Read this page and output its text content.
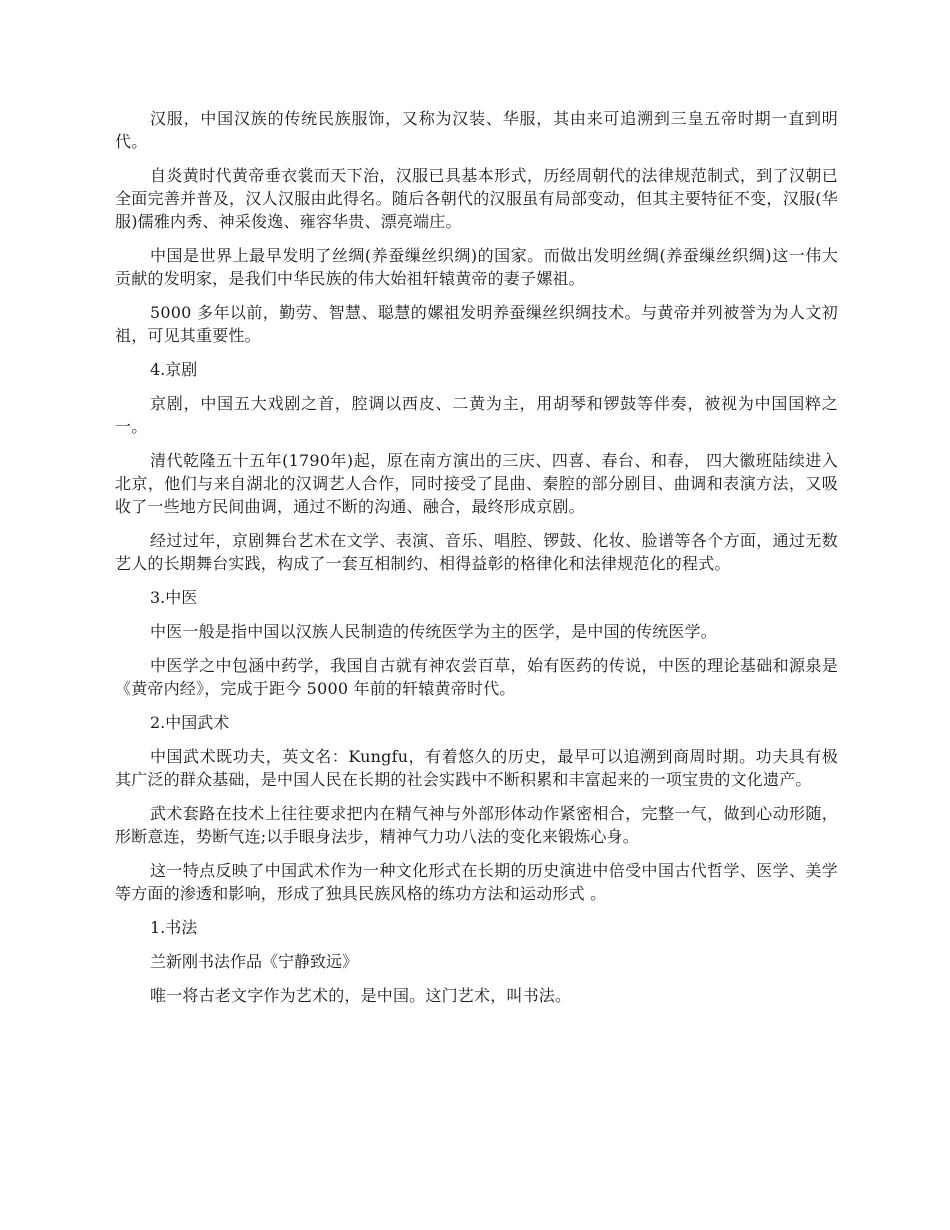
汉服，中国汉族的传统民族服饰，又称为汉装、华服，其由来可追溯到三皇五帝时期一直到明代。

自炎黄时代黄帝垂衣裳而天下治，汉服已具基本形式，历经周朝代的法律规范制式，到了汉朝已全面完善并普及，汉人汉服由此得名。随后各朝代的汉服虽有局部变动，但其主要特征不变，汉服(华服)儒雅内秀、神采俊逸、雍容华贵、漂亮端庄。

中国是世界上最早发明了丝绸(养蚕缫丝织绸)的国家。而做出发明丝绸(养蚕缫丝织绸)这一伟大贡献的发明家，是我们中华民族的伟大始祖轩辕黄帝的妻子嫘祖。

5000 多年以前，勤劳、智慧、聪慧的嫘祖发明养蚕缫丝织绸技术。与黄帝并列被誉为为人文初祖，可见其重要性。

4.京剧

京剧，中国五大戏剧之首，腔调以西皮、二黄为主，用胡琴和锣鼓等伴奏，被视为中国国粹之一。

清代乾隆五十五年(1790年)起，原在南方演出的三庆、四喜、春台、和春， 四大徽班陆续进入北京，他们与来自湖北的汉调艺人合作，同时接受了昆曲、秦腔的部分剧目、曲调和表演方法，又吸收了一些地方民间曲调，通过不断的沟通、融合，最终形成京剧。

经过过年，京剧舞台艺术在文学、表演、音乐、唱腔、锣鼓、化妆、脸谱等各个方面，通过无数艺人的长期舞台实践，构成了一套互相制约、相得益彰的格律化和法律规范化的程式。

3.中医

中医一般是指中国以汉族人民制造的传统医学为主的医学，是中国的传统医学。

中医学之中包涵中药学，我国自古就有神农尝百草，始有医药的传说，中医的理论基础和源泉是《黄帝内经》，完成于距今 5000 年前的轩辕黄帝时代。

2.中国武术

中国武术既功夫，英文名：Kungfu，有着悠久的历史，最早可以追溯到商周时期。功夫具有极其广泛的群众基础，是中国人民在长期的社会实践中不断积累和丰富起来的一项宝贵的文化遗产。

武术套路在技术上往往要求把内在精气神与外部形体动作紧密相合，完整一气，做到心动形随，形断意连，势断气连;以手眼身法步，精神气力功八法的变化来锻炼心身。

这一特点反映了中国武术作为一种文化形式在长期的历史演进中倍受中国古代哲学、医学、美学等方面的渗透和影响，形成了独具民族风格的练功方法和运动形式 。

1.书法

兰新刚书法作品《宁静致远》

唯一将古老文字作为艺术的，是中国。这门艺术，叫书法。
